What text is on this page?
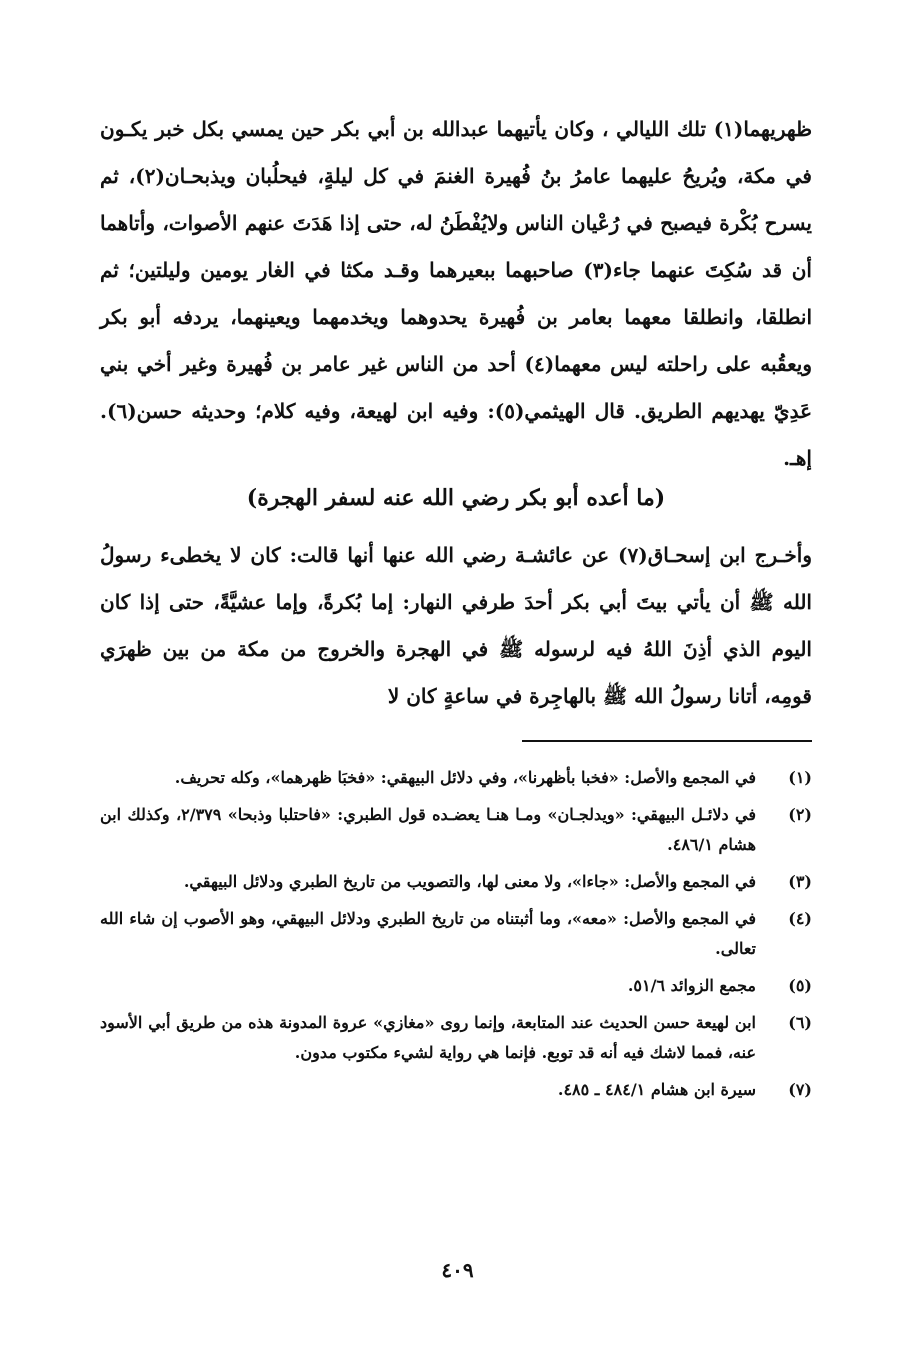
ظهريهما(١) تلك الليالي ، وكان يأتيهما عبدالله بن أبي بكر حين يمسي بكل خبر يكـون في مكة، ويُريحُ عليهما عامرُ بنُ فُهيرة الغنمَ في كل ليلةٍ، فيحلُبان ويذبحـان(٢)، ثم يسرح بُكْرة فيصبح في رُعْيان الناس ولايُفْطَنُ له، حتى إذا هَدَتَ عنهم الأصوات، وأتاهما أن قد سُكِتَ عنهما جاء(٣) صاحبهما ببعيرهما وقـد مكثا في الغار يومين وليلتين؛ ثم انطلقا، وانطلقا معهما بعامر بن فُهيرة يحدوهما ويخدمهما ويعينهما، يردفه أبو بكر ويعقُبه على راحلته ليس معهما(٤) أحد من الناس غير عامر بن فُهيرة وغير أخي بني عَدِيّ يهديهم الطريق. قال الهيثمي(٥): وفيه ابن لهيعة، وفيه كلام؛ وحديثه حسن(٦). إهـ.

(ما أعده أبو بكر رضي الله عنه لسفر الهجرة)

وأخـرج ابن إسحـاق(٧) عن عائشـة رضي الله عنها أنها قالت: كان لا يخطىء رسولُ الله ﷺ أن يأتي بيتَ أبي بكر أحدَ طرفي النهار: إما بُكرةً، وإما عشيَّةً، حتى إذا كان اليوم الذي أذِنَ اللهُ فيه لرسوله ﷺ في الهجرة والخروج من مكة من بين ظهرَي قومِه، أتانا رسولُ الله ﷺ بالهاجِرة في ساعةٍ كان لا

(١)
في المجمع والأصل: «فخبا بأظهرنا»، وفي دلائل البيهقي: «فخبَا ظهرهما»، وكله تحريف.
(٢)
في دلائـل البيهقي: «ويدلجـان» ومـا هنـا يعضـده قول الطبري: «فاحتلبا وذبحا» ٢/٣٧٩، وكذلك ابن هشام ٤٨٦/١.
(٣)
في المجمع والأصل: «جاءا»، ولا معنى لها، والتصويب من تاريخ الطبري ودلائل البيهقي.
(٤)
في المجمع والأصل: «معه»، وما أثبتناه من تاريخ الطبري ودلائل البيهقي، وهو الأصوب إن شاء الله تعالى.
(٥)
مجمع الزوائد ٥١/٦.
(٦)
ابن لهيعة حسن الحديث عند المتابعة، وإنما روى «مغازي» عروة المدونة هذه من طريق أبي الأسود عنه، فمما لاشك فيه أنه قد توبع. فإنما هي رواية لشيء مكتوب مدون.
(٧)
سيرة ابن هشام ٤٨٤/١ ـ ٤٨٥.
٤٠٩
